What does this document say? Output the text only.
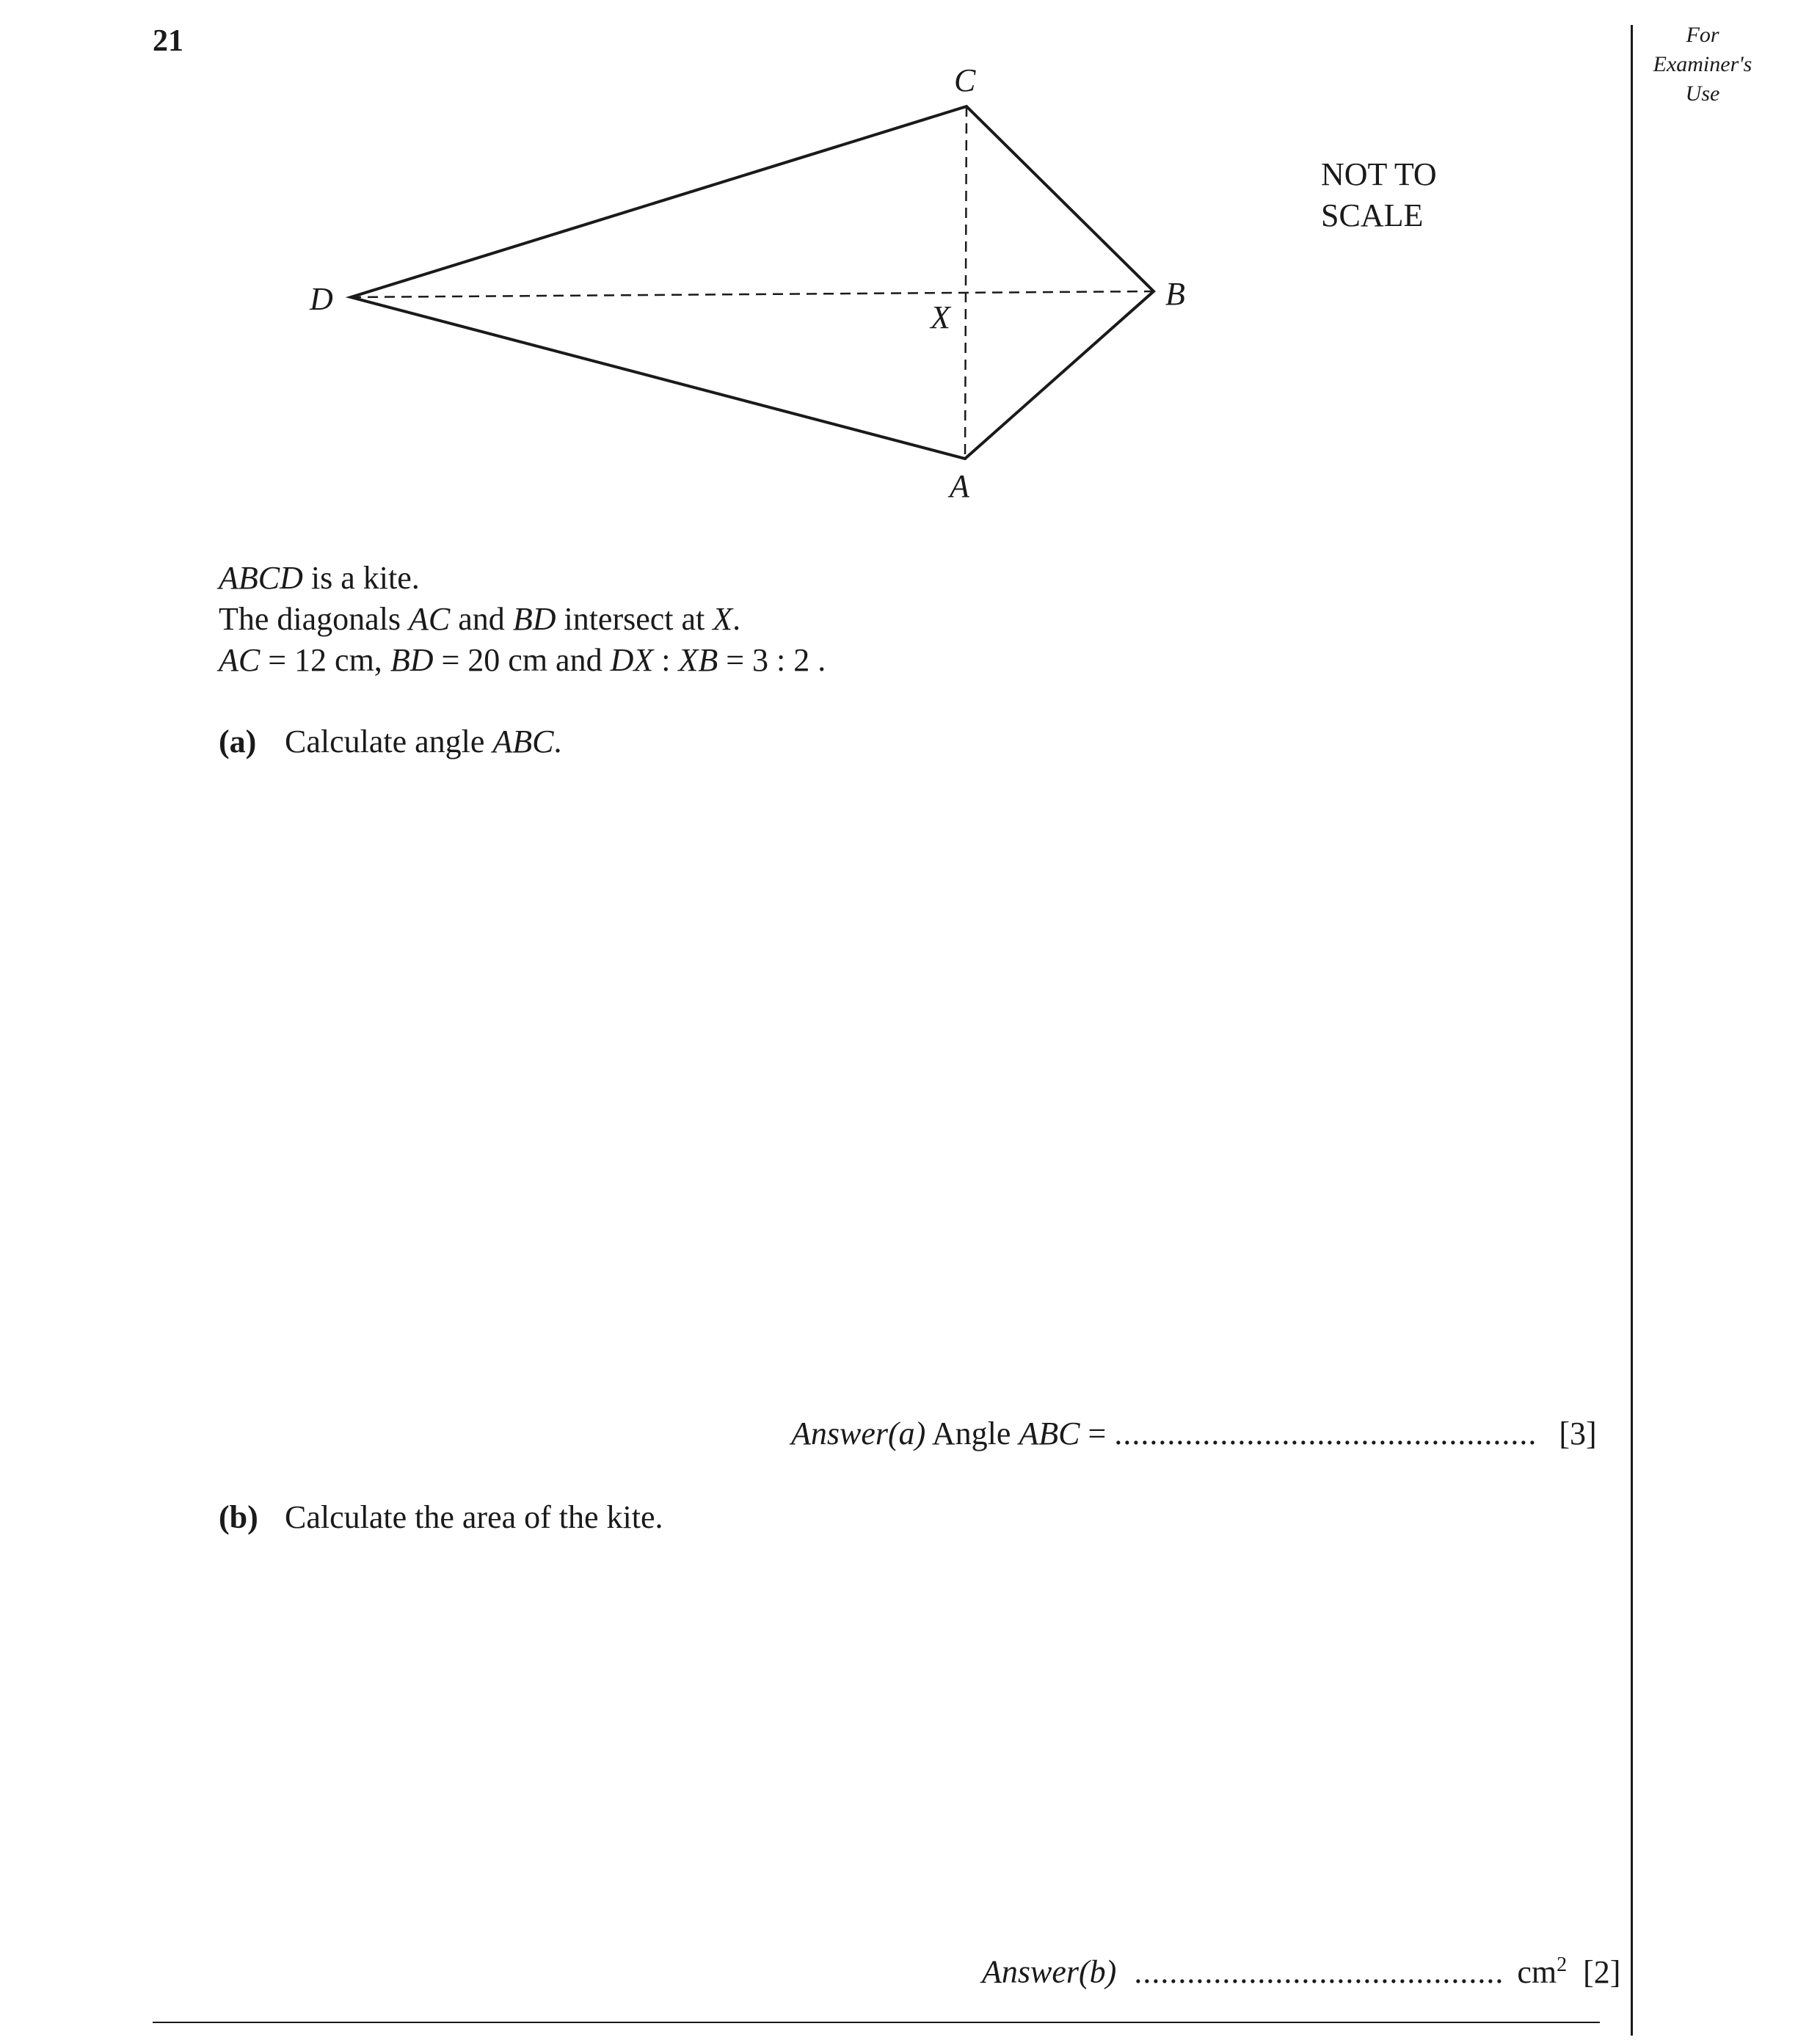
21	For
Examiner's
Use
C
D	B
X
A
NOT TO
SCALE
ABCD is a kite.
The diagonals AC and BD intersect at X.
AC = 12 cm, BD = 20 cm and DX : XB = 3 : 2 .
(a) Calculate angle ABC.
Answer(a) Angle ABC = ................................................ [3]
(b) Calculate the area of the kite.
Answer(b) .......................................... $cm^2$ [2]
